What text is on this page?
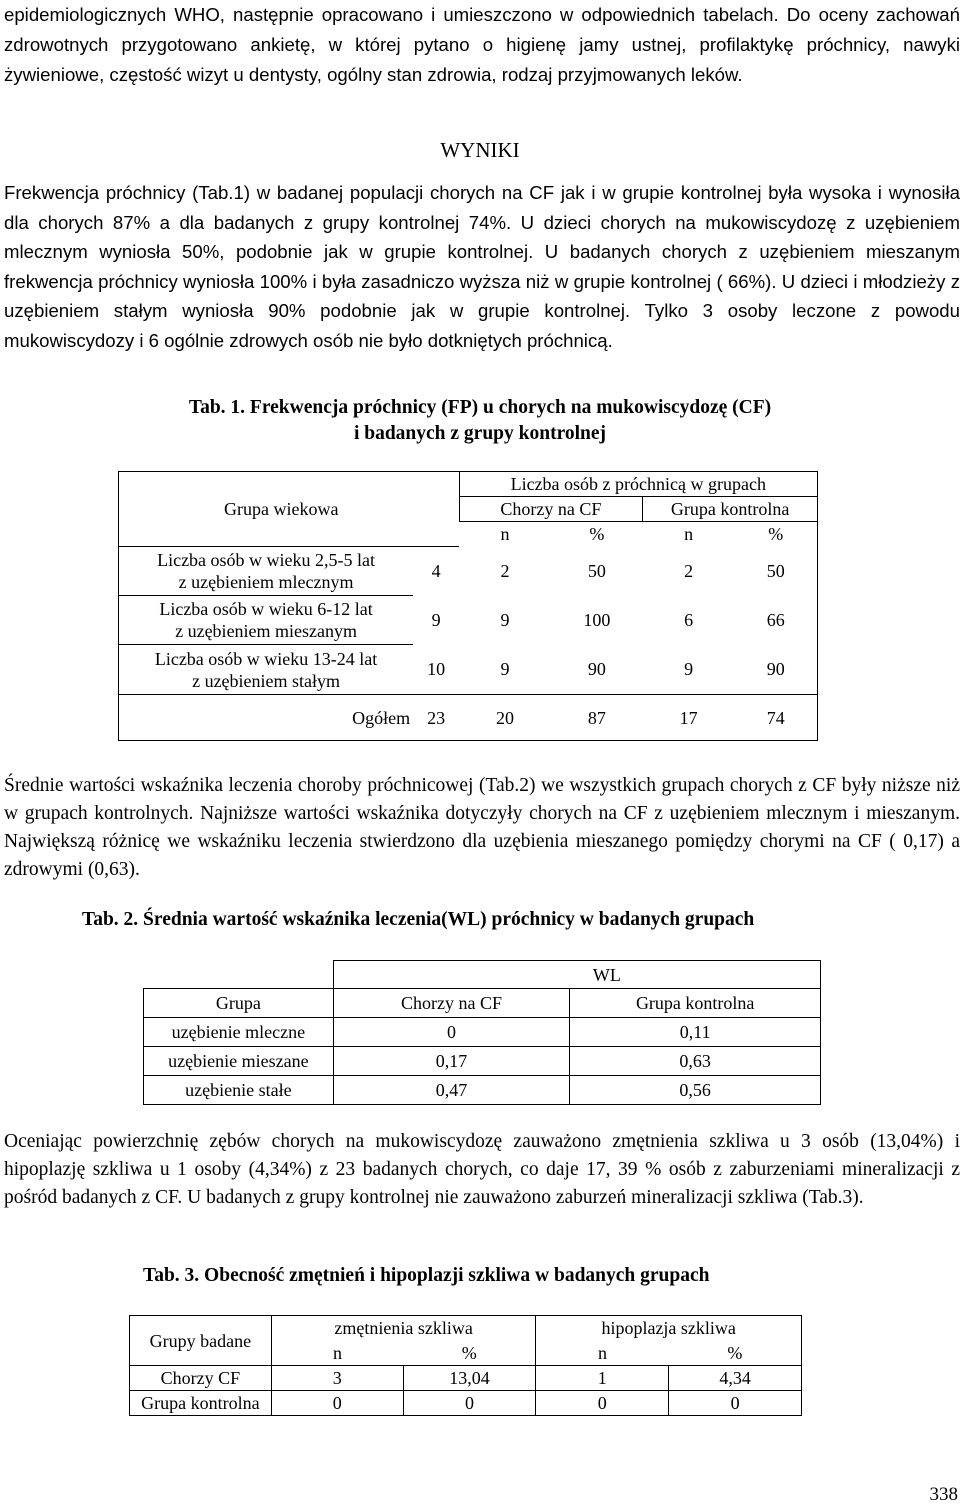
epidemiologicznych WHO, następnie opracowano i umieszczono w odpowiednich tabelach. Do oceny zachowań zdrowotnych przygotowano ankietę, w której pytano o higienę jamy ustnej, profilaktykę próchnicy, nawyki żywieniowe, częstość wizyt u dentysty, ogólny stan zdrowia, rodzaj przyjmowanych leków.

WYNIKI

Frekwencja próchnicy (Tab.1) w badanej populacji chorych na CF jak i w grupie kontrolnej była wysoka i wynosiła dla chorych 87% a dla badanych z grupy kontrolnej 74%. U dzieci chorych na mukowiscydozę z uzębieniem mlecznym wyniosła 50%, podobnie jak w grupie kontrolnej. U badanych chorych z uzębieniem mieszanym frekwencja próchnicy wyniosła 100% i była zasadniczo wyższa niż w grupie kontrolnej ( 66%). U dzieci i młodzieży z uzębieniem stałym wyniosła 90% podobnie jak w grupie kontrolnej. Tylko 3 osoby leczone z powodu mukowiscydozy i 6 ogólnie zdrowych osób nie było dotkniętych próchnicą.

Tab. 1. Frekwencja próchnicy (FP) u chorych na mukowiscydozę (CF)

i badanych z grupy kontrolnej

Grupa wiekowa		Liczba osób z próchnicą w grupach			
		Chorzy na CF		Grupa kontrolna	
		n	%	n	%

Liczba osób w wieku 2,5-5 lat
z uzębieniem mlecznym	4	2	50	2	50

Liczba osób w wieku 6-12 lat
z uzębieniem mieszanym	9	9	100	6	66

Liczba osób w wieku 13-24 lat
z uzębieniem stałym	10	9	90	9	90
Ogółem	23	20	87	17	74

Średnie wartości wskaźnika leczenia choroby próchnicowej (Tab.2) we wszystkich grupach chorych z CF były niższe niż w grupach kontrolnych. Najniższe wartości wskaźnika dotyczyły chorych na CF z uzębieniem mlecznym i mieszanym. Największą różnicę we wskaźniku leczenia stwierdzono dla uzębienia mieszanego pomiędzy chorymi na CF ( 0,17) a zdrowymi (0,63).

Tab. 2. Średnia wartość wskaźnika leczenia(WL) próchnicy w badanych grupach

	WL	
Grupa	Chorzy na CF	Grupa kontrolna
uzębienie mleczne	0	0,11
uzębienie mieszane	0,17	0,63
uzębienie stałe	0,47	0,56

Oceniając powierzchnię zębów chorych na mukowiscydozę zauważono zmętnienia szkliwa u 3 osób (13,04%) i hipoplazję szkliwa u 1 osoby (4,34%) z 23 badanych chorych, co daje 17, 39 % osób z zaburzeniami mineralizacji z pośród badanych z CF. U badanych z grupy kontrolnej nie zauważono zaburzeń mineralizacji szkliwa (Tab.3).

Tab. 3. Obecność zmętnień i hipoplazji szkliwa w badanych grupach

Grupy badane	zmętnienia szkliwa		hipoplazja szkliwa	
	n	%	n	%
Chorzy CF	3	13,04	1	4,34
Grupa kontrolna	0	0	0	0
338
